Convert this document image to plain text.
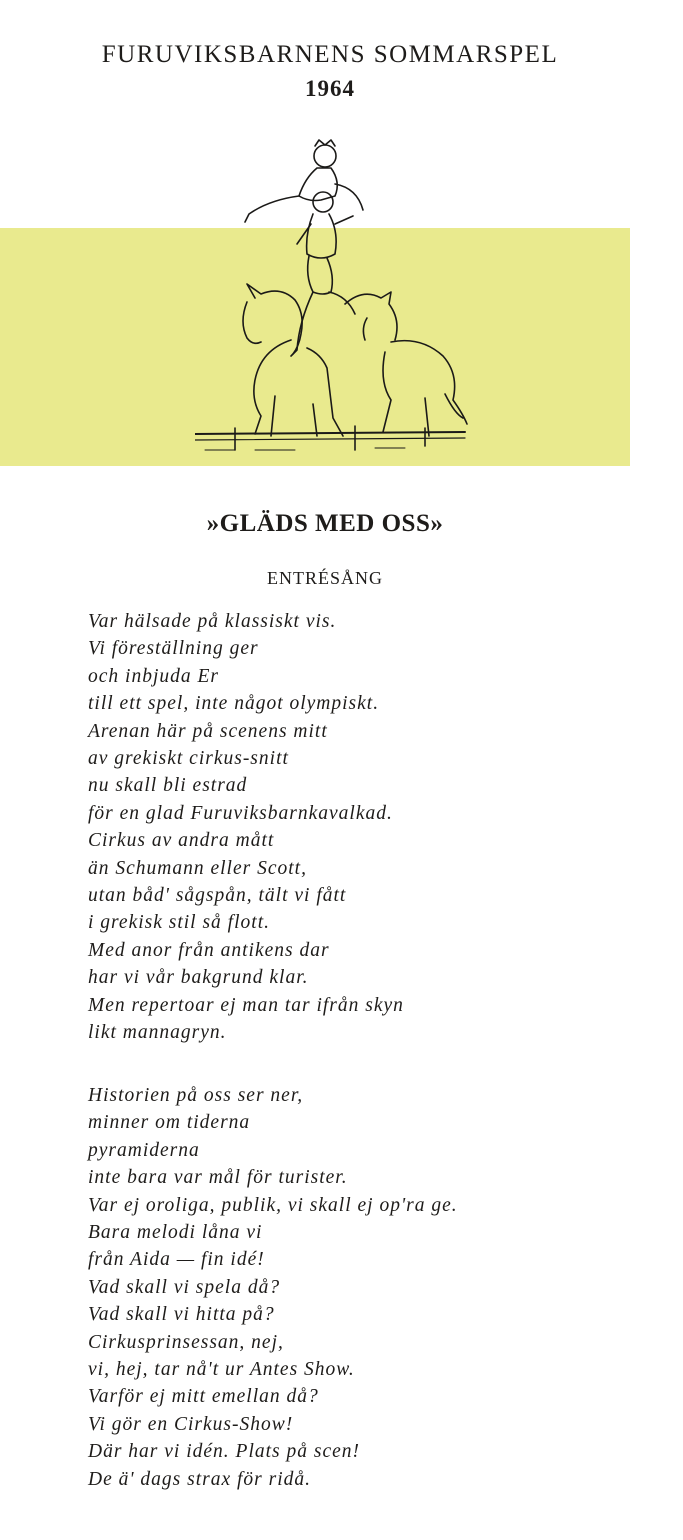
FURUVIKSBARNENS SOMMARSPEL
1964
»GLÄDS MED OSS»
ENTRÉSÅNG
Var hälsade på klassiskt vis.
Vi föreställning ger
och inbjuda Er
till ett spel, inte något olympiskt.
Arenan här på scenens mitt
av grekiskt cirkus-snitt
nu skall bli estrad
för en glad Furuviksbarnkavalkad.
Cirkus av andra mått
än Schumann eller Scott,
utan båd' sågspån, tält vi fått
i grekisk stil så flott.
Med anor från antikens dar
har vi vår bakgrund klar.
Men repertoar ej man tar ifrån skyn
likt mannagryn.
Historien på oss ser ner,
minner om tiderna
pyramiderna
inte bara var mål för turister.
Var ej oroliga, publik, vi skall ej op'ra ge.
Bara melodi låna vi
från Aida — fin idé!
Vad skall vi spela då?
Vad skall vi hitta på?
Cirkusprinsessan, nej,
vi, hej, tar nå't ur Antes Show.
Varför ej mitt emellan då?
Vi gör en Cirkus-Show!
Där har vi idén. Plats på scen!
De ä' dags strax för ridå.
